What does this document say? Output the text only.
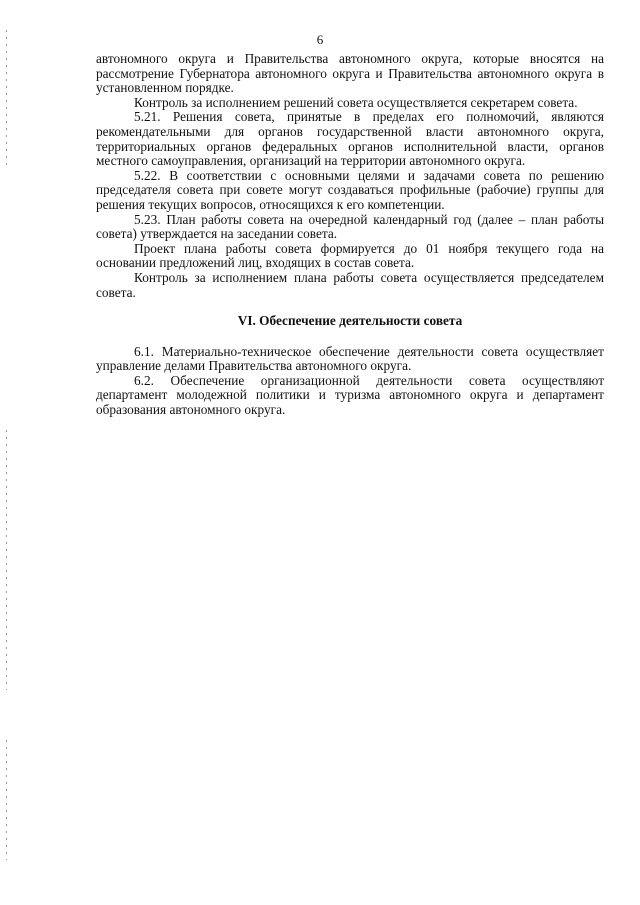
6

автономного округа и Правительства автономного округа, которые вносятся на рассмотрение Губернатора автономного округа и Правительства автономного округа в установленном порядке.

Контроль за исполнением решений совета осуществляется секретарем совета.

5.21. Решения совета, принятые в пределах его полномочий, являются рекомендательными для органов государственной власти автономного округа, территориальных органов федеральных органов исполнительной власти, органов местного самоуправления, организаций на территории автономного округа.

5.22. В соответствии с основными целями и задачами совета по решению председателя совета при совете могут создаваться профильные (рабочие) группы для решения текущих вопросов, относящихся к его компетенции.

5.23. План работы совета на очередной календарный год (далее – план работы совета) утверждается на заседании совета.

Проект плана работы совета формируется до 01 ноября текущего года на основании предложений лиц, входящих в состав совета.

Контроль за исполнением плана работы совета осуществляется председателем совета.

VI. Обеспечение деятельности совета

6.1. Материально-техническое обеспечение деятельности совета осуществляет управление делами Правительства автономного округа.

6.2. Обеспечение организационной деятельности совета осуществляют департамент молодежной политики и туризма автономного округа и департамент образования автономного округа.
